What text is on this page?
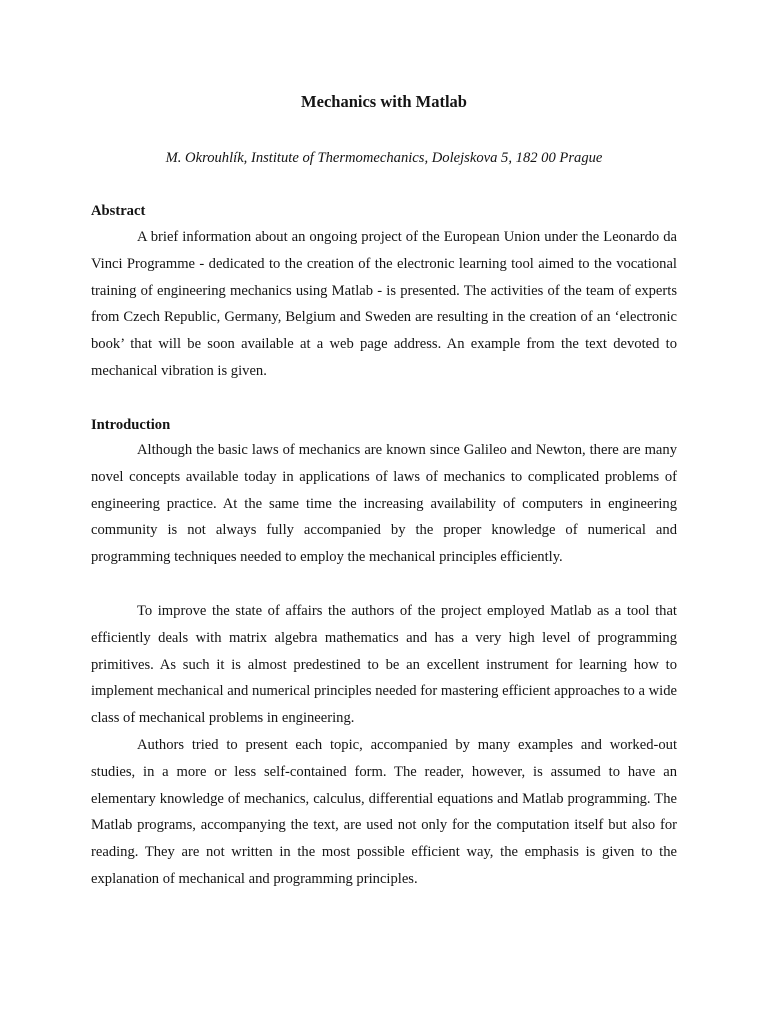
Mechanics with Matlab
M. Okrouhlík, Institute of Thermomechanics, Dolejskova 5, 182 00 Prague
Abstract

A brief information about an ongoing project of the European Union under the Leonardo da Vinci Programme - dedicated to the creation of the electronic learning tool aimed to the vocational training of engineering mechanics using Matlab - is presented. The activities of the team of experts from Czech Republic, Germany, Belgium and Sweden are resulting in the creation of an ‘electronic book’ that will be soon available at a web page address. An example from the text devoted to mechanical vibration is given.

Introduction

Although the basic laws of mechanics are known since Galileo and Newton, there are many novel concepts available today in applications of laws of mechanics to complicated problems of engineering practice. At the same time the increasing availability of computers in engineering community is not always fully accompanied by the proper knowledge of numerical and programming techniques needed to employ the mechanical principles efficiently.

To improve the state of affairs the authors of the project employed Matlab as a tool that efficiently deals with matrix algebra mathematics and has a very high level of programming primitives. As such it is almost predestined to be an excellent instrument for learning how to implement mechanical and numerical principles needed for mastering efficient approaches to a wide class of mechanical problems in engineering.

Authors tried to present each topic, accompanied by many examples and worked-out studies, in a more or less self-contained form. The reader, however, is assumed to have an elementary knowledge of mechanics, calculus, differential equations and Matlab programming. The Matlab programs, accompanying the text, are used not only for the computation itself but also for reading. They are not written in the most possible efficient way, the emphasis is given to the explanation of mechanical and programming principles.
